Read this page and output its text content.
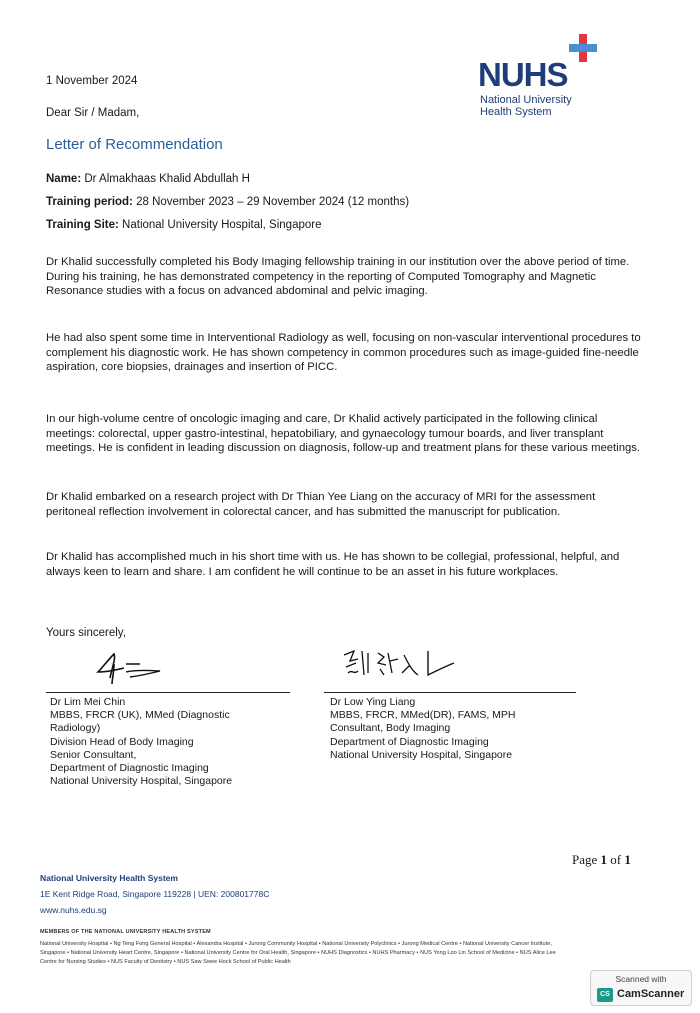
NUHS
National University
Health System
1 November 2024
Dear Sir / Madam,
Letter of Recommendation
Name: Dr Almakhaas Khalid Abdullah H
Training period: 28 November 2023 – 29 November 2024 (12 months)
Training Site: National University Hospital, Singapore

Dr Khalid successfully completed his Body Imaging fellowship training in our institution over the above period of time. During his training, he has demonstrated competency in the reporting of Computed Tomography and Magnetic Resonance studies with a focus on advanced abdominal and pelvic imaging.

He had also spent some time in Interventional Radiology as well, focusing on non-vascular interventional procedures to complement his diagnostic work. He has shown competency in common procedures such as image-guided fine-needle aspiration, core biopsies, drainages and insertion of PICC.

In our high-volume centre of oncologic imaging and care, Dr Khalid actively participated in the following clinical meetings: colorectal, upper gastro-intestinal, hepatobiliary, and gynaecology tumour boards, and liver transplant meetings. He is confident in leading discussion on diagnosis, follow-up and treatment plans for these various meetings.

Dr Khalid embarked on a research project with Dr Thian Yee Liang on the accuracy of MRI for the assessment peritoneal reflection involvement in colorectal cancer, and has submitted the manuscript for publication.

Dr Khalid has accomplished much in his short time with us. He has shown to be collegial, professional, helpful, and always keen to learn and share. I am confident he will continue to be an asset in his future workplaces.

Yours sincerely,
Dr Lim Mei Chin
MBBS, FRCR (UK), MMed (Diagnostic
Radiology)
Division Head of Body Imaging
Senior Consultant,
Department of Diagnostic Imaging
National University Hospital, Singapore
Dr Low Ying Liang
MBBS, FRCR, MMed(DR), FAMS, MPH
Consultant, Body Imaging
Department of Diagnostic Imaging
National University Hospital, Singapore
Page 1 of 1
National University Health System
1E Kent Ridge Road, Singapore 119228 | UEN: 200801778C
www.nuhs.edu.sg
MEMBERS OF THE NATIONAL UNIVERSITY HEALTH SYSTEM
National University Hospital • Ng Teng Fong General Hospital • Alexandra Hospital • Jurong Community Hospital • National University Polyclinics • Jurong Medical Centre • National University Cancer Institute, Singapore • National University Heart Centre, Singapore • National University Centre for Oral Health, Singapore • NUHS Diagnostics • NUHS Pharmacy • NUS Yong Loo Lin School of Medicine • NUS Alice Lee Centre for Nursing Studies • NUS Faculty of Dentistry • NUS Saw Swee Hock School of Public Health
Scanned with
CS CamScanner
